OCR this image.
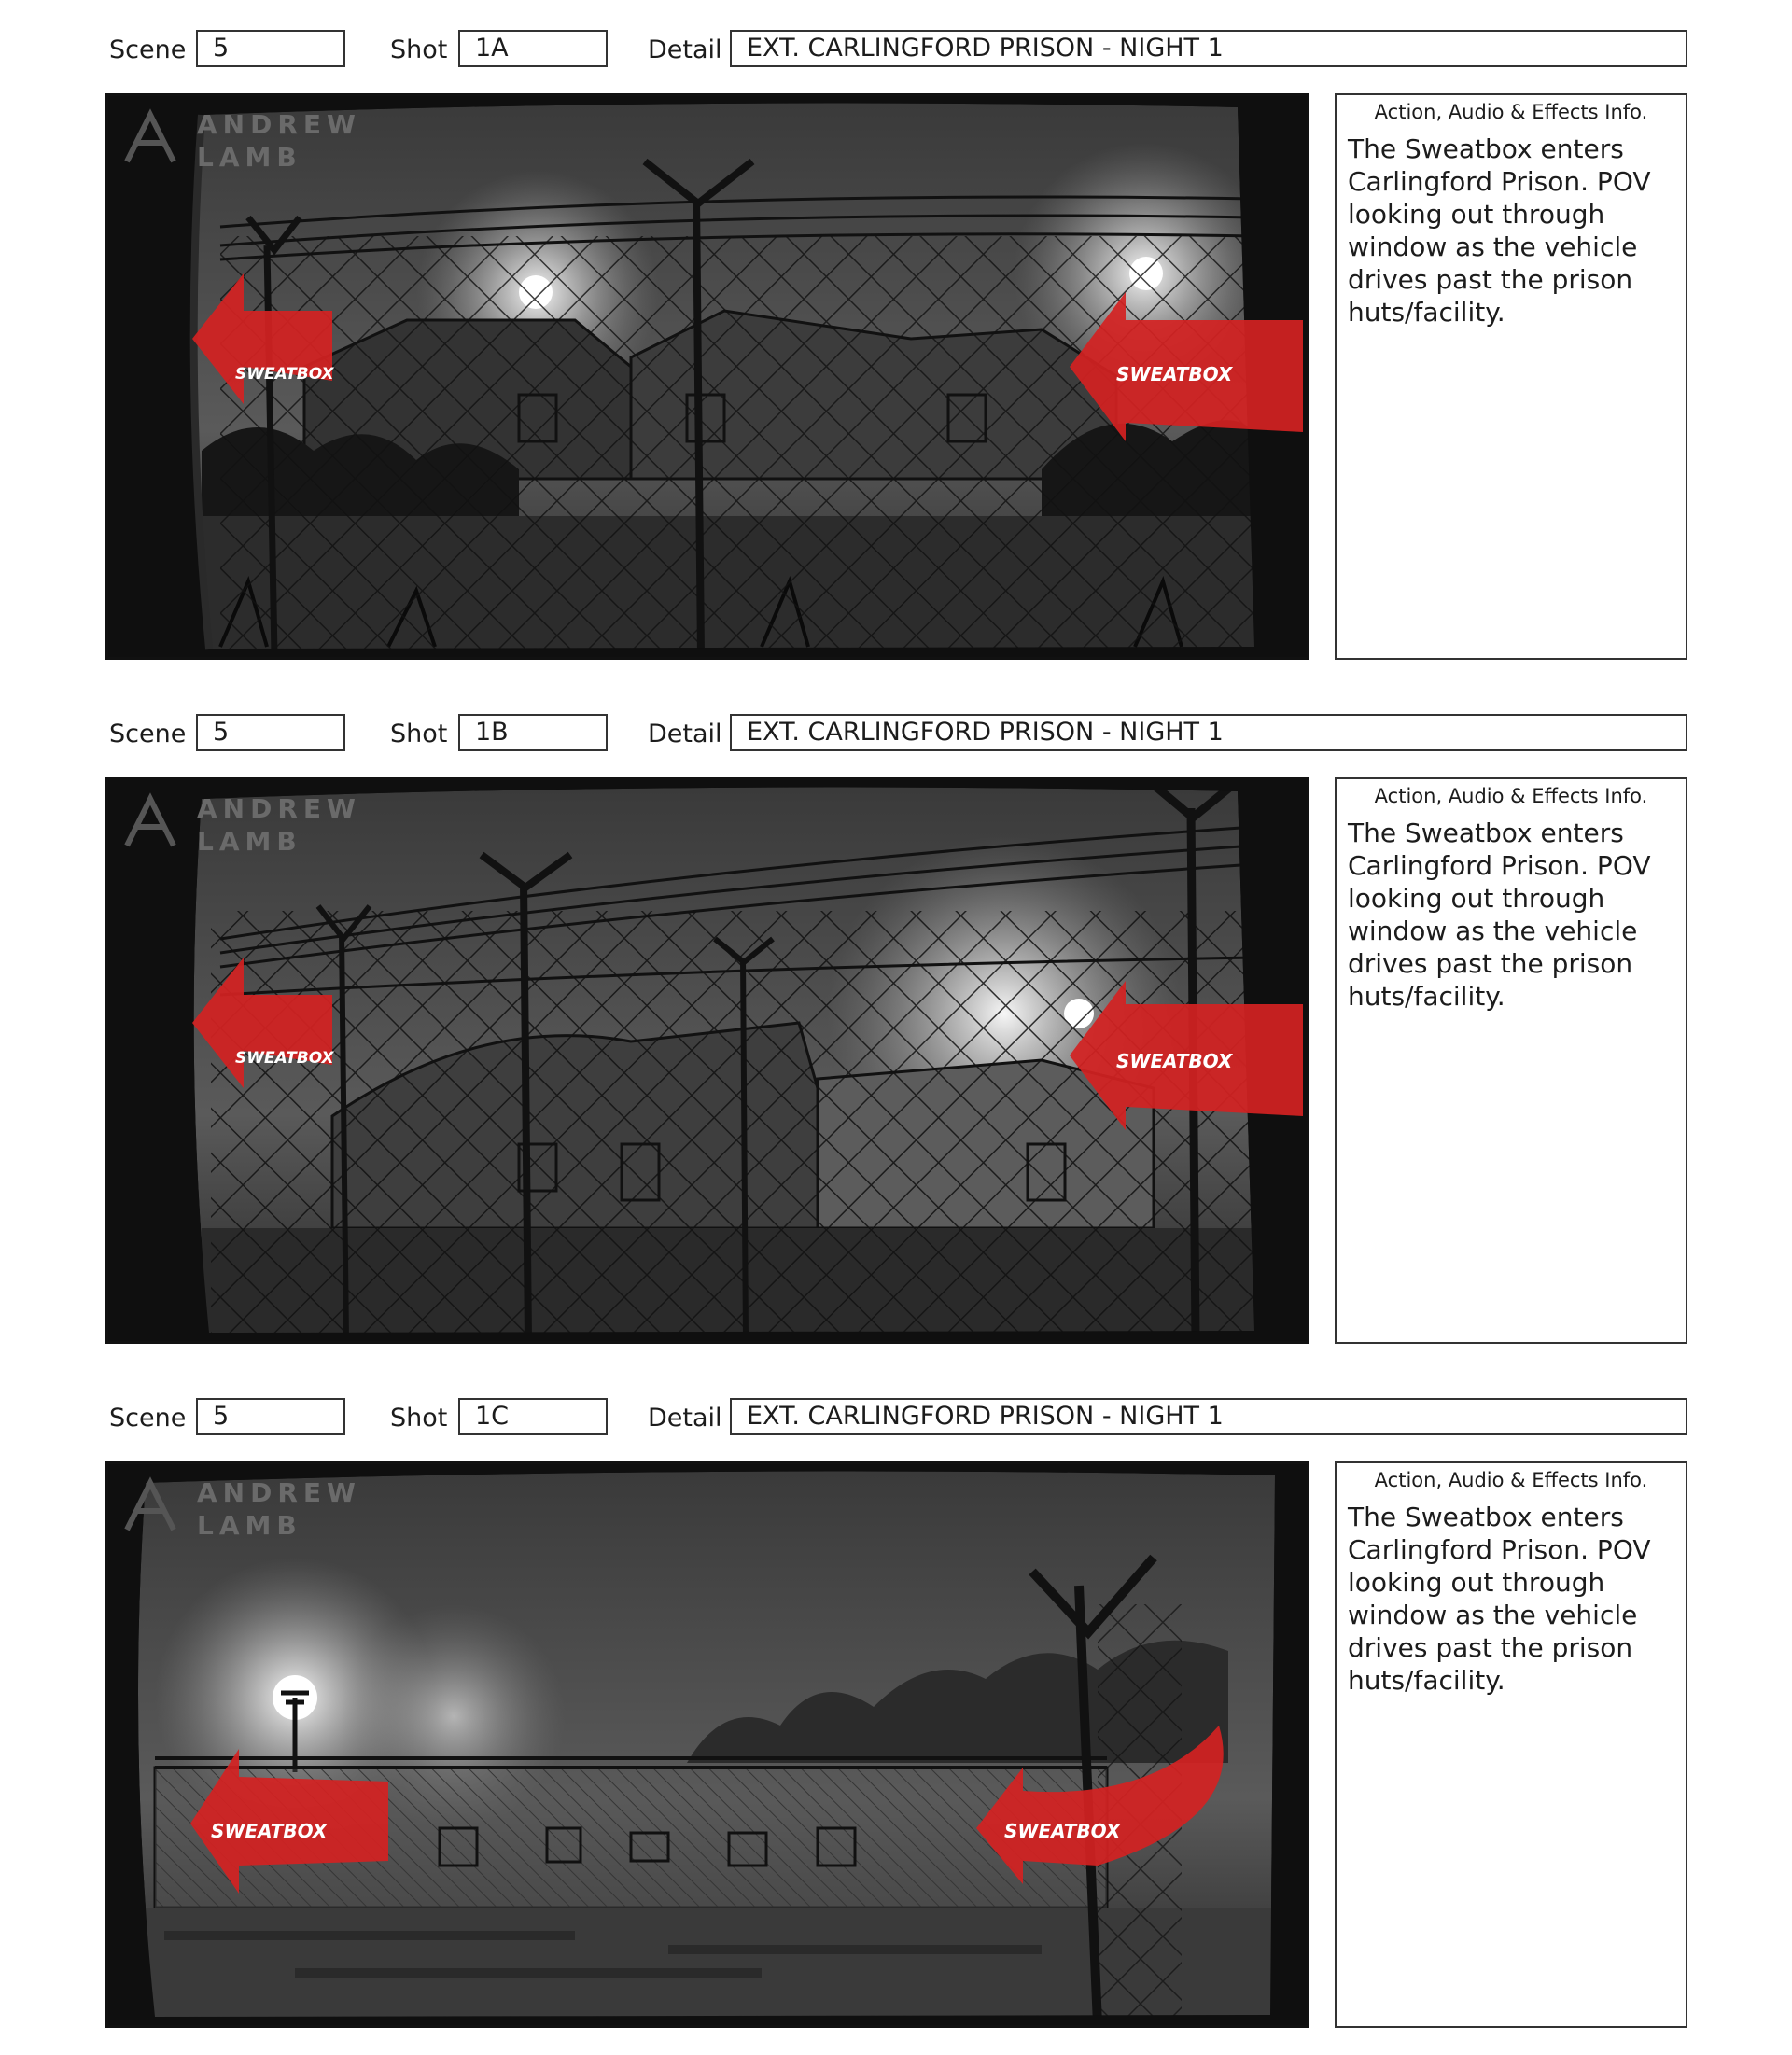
Scene	5	Shot	1A	Detail EXT. CARLINGFORD PRISON - NIGHT 1
ANDREW
LAMB
SWEATBOX	SWEATBOX
Action, Audio & Effects Info.
The Sweatbox enters Carlingford Prison. POV looking out through window as the vehicle drives past the prison huts/facility.
Scene	5	Shot	1B	Detail EXT. CARLINGFORD PRISON - NIGHT 1
ANDREW
LAMB
SWEATBOX	SWEATBOX
Action, Audio & Effects Info.
The Sweatbox enters Carlingford Prison. POV looking out through window as the vehicle drives past the prison huts/facility.
Scene	5	Shot	1C	Detail EXT. CARLINGFORD PRISON - NIGHT 1
ANDREW
LAMB
SWEATBOX	SWEATBOX
Action, Audio & Effects Info.
The Sweatbox enters Carlingford Prison. POV looking out through window as the vehicle drives past the prison huts/facility.
